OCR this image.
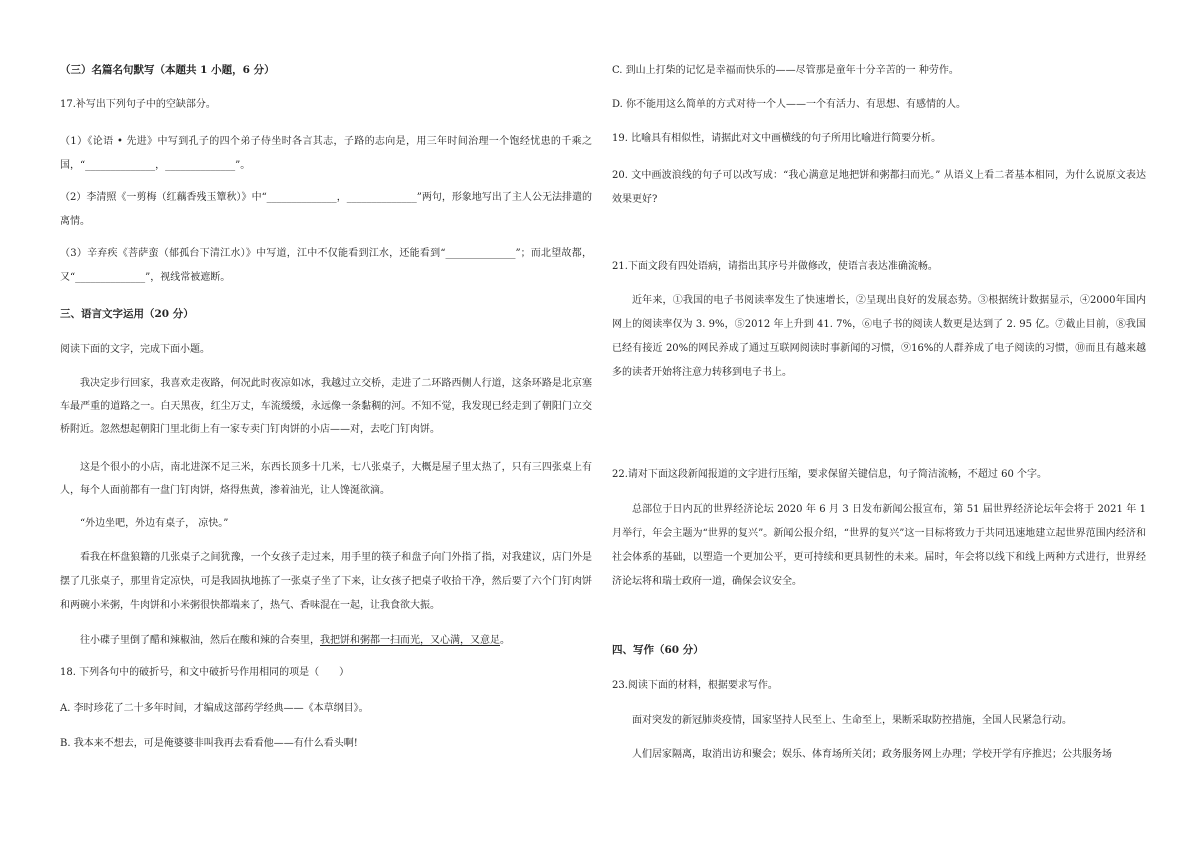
（三）名篇名句默写（本题共 1 小题，6 分）

17.补写出下列句子中的空缺部分。

（1）《论语 • 先进》中写到孔子的四个弟子侍坐时各言其志，子路的志向是，用三年时间治理一个饱经忧患的千乘之国，“______________，______________”。

（2）李清照《一剪梅（红藕香残玉簟秋）》中“______________，______________”两句，形象地写出了主人公无法排遣的离情。

（3）辛弃疾《菩萨蛮（郁孤台下清江水）》中写道，江中不仅能看到江水，还能看到“______________”；而北望故都，又“______________”，视线常被遮断。

三、语言文字运用（20 分）

阅读下面的文字，完成下面小题。

我决定步行回家，我喜欢走夜路，何况此时夜凉如冰，我越过立交桥，走进了二环路西侧人行道，这条环路是北京塞车最严重的道路之一。白天黑夜，红尘万丈，车流缓缓，永远像一条黏稠的河。不知不觉，我发现已经走到了朝阳门立交桥附近。忽然想起朝阳门里北街上有一家专卖门钉肉饼的小店——对，去吃门钉肉饼。

这是个很小的小店，南北进深不足三米，东西长顶多十几米，七八张桌子，大概是屋子里太热了，只有三四张桌上有人，每个人面前都有一盘门钉肉饼，烙得焦黄，渗着油光，让人馋涎欲滴。

“外边坐吧，外边有桌子， 凉快。”

看我在杯盘狼籍的几张桌子之间犹豫，一个女孩子走过来，用手里的筷子和盘子向门外指了指，对我建议，店门外是摆了几张桌子，那里肯定凉快，可是我固执地拣了一张桌子坐了下来，让女孩子把桌子收拾干净，然后要了六个门钉肉饼和两碗小米粥，牛肉饼和小米粥很快都端来了，热气、香味混在一起，让我食欲大振。

往小碟子里倒了醋和辣椒油，然后在酸和辣的合奏里，我把饼和粥都一扫而光，又心满，又意足。

18. 下列各句中的破折号，和文中破折号作用相同的项是（　　）

A. 李时珍花了二十多年时间，才编成这部药学经典——《本草纲目》。

B. 我本来不想去，可是俺婆婆非叫我再去看看他——有什么看头啊!

C. 到山上打柴的记忆是幸福而快乐的——尽管那是童年十分辛苦的一 种劳作。

D. 你不能用这么简单的方式对待一个人——一个有活力、有思想、有感情的人。

19. 比喻具有相似性，请据此对文中画横线的句子所用比喻进行简要分析。

20. 文中画波浪线的句子可以改写成：“我心满意足地把饼和粥都扫而光。” 从语义上看二者基本相同，为什么说原文表达效果更好?

21.下面文段有四处语病，请指出其序号并做修改，使语言表达准确流畅。

近年来，①我国的电子书阅读率发生了快速增长，②呈现出良好的发展态势。③根据统计数据显示，④2000年国内网上的阅读率仅为 3. 9%，⑤2012 年上升到 41. 7%，⑥电子书的阅读人数更是达到了 2. 95 亿。⑦截止目前，⑧我国已经有接近 20%的网民养成了通过互联网阅读时事新闻的习惯，⑨16%的人群养成了电子阅读的习惯，⑩而且有越来越多的读者开始将注意力转移到电子书上。

22.请对下面这段新闻报道的文字进行压缩，要求保留关键信息，句子简洁流畅，不超过 60 个字。

总部位于日内瓦的世界经济论坛 2020 年 6 月 3 日发布新闻公报宣布，第 51 届世界经济论坛年会将于 2021 年 1 月举行，年会主题为“世界的复兴”。新闻公报介绍，“世界的复兴”这一目标将致力于共同迅速地建立起世界范围内经济和社会体系的基础，以塑造一个更加公平，更可持续和更具韧性的未来。届时，年会将以线下和线上两种方式进行，世界经济论坛将和瑞士政府一道，确保会议安全。

四、写作（60 分）

23.阅读下面的材料，根据要求写作。

面对突发的新冠肺炎疫情，国家坚持人民至上、生命至上，果断采取防控措施，全国人民紧急行动。

人们居家隔离，取消出访和聚会；娱乐、体育场所关闭；政务服务网上办理；学校开学有序推迟；公共服务场
